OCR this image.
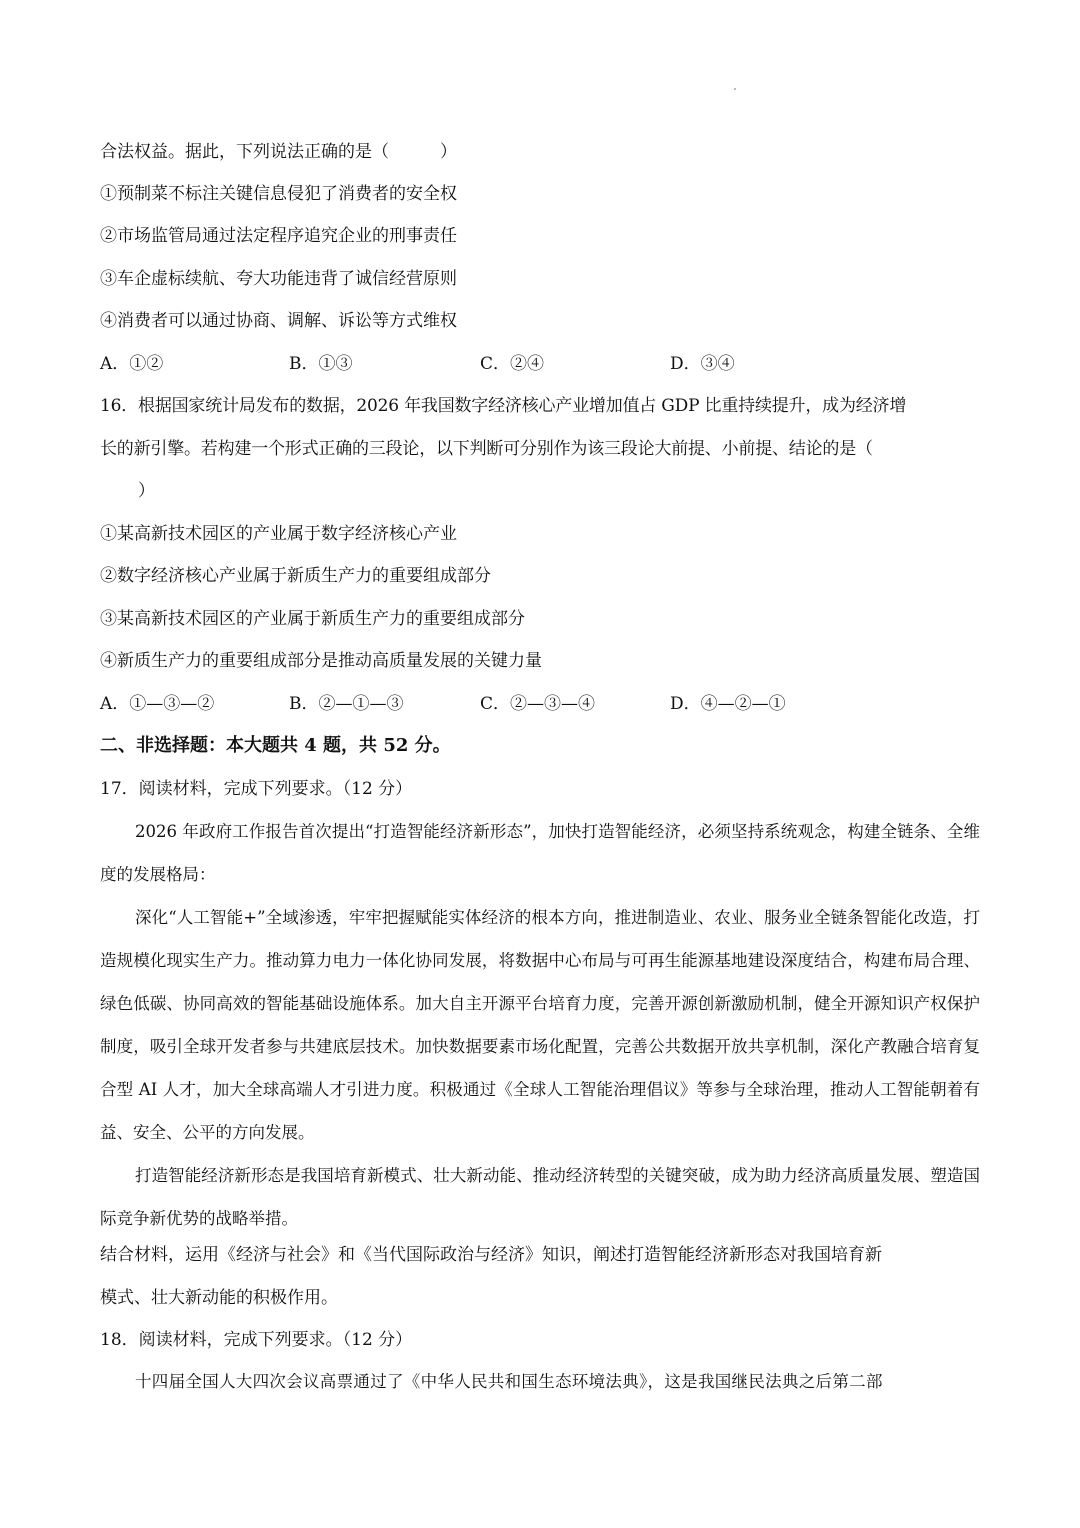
合法权益。据此，下列说法正确的是（　　　）
①预制菜不标注关键信息侵犯了消费者的安全权
②市场监管局通过法定程序追究企业的刑事责任
③车企虚标续航、夸大功能违背了诚信经营原则
④消费者可以通过协商、调解、诉讼等方式维权
A．①②	B．①③	C．②④	D．③④
16．根据国家统计局发布的数据，2026 年我国数字经济核心产业增加值占 GDP 比重持续提升，成为经济增
长的新引擎。若构建一个形式正确的三段论，以下判断可分别作为该三段论大前提、小前提、结论的是（
）
①某高新技术园区的产业属于数字经济核心产业
②数字经济核心产业属于新质生产力的重要组成部分
③某高新技术园区的产业属于新质生产力的重要组成部分
④新质生产力的重要组成部分是推动高质量发展的关键力量
A．①—③—②	B．②—①—③	C．②—③—④	D．④—②—①
二、非选择题：本大题共 4 题，共 52 分。
17．阅读材料，完成下列要求。（12 分）

2026 年政府工作报告首次提出“打造智能经济新形态”，加快打造智能经济，必须坚持系统观念，构建全链条、全维度的发展格局：

深化“人工智能+”全域渗透，牢牢把握赋能实体经济的根本方向，推进制造业、农业、服务业全链条智能化改造，打造规模化现实生产力。推动算力电力一体化协同发展，将数据中心布局与可再生能源基地建设深度结合，构建布局合理、绿色低碳、协同高效的智能基础设施体系。加大自主开源平台培育力度，完善开源创新激励机制，健全开源知识产权保护制度，吸引全球开发者参与共建底层技术。加快数据要素市场化配置，完善公共数据开放共享机制，深化产教融合培育复合型 AI 人才，加大全球高端人才引进力度。积极通过《全球人工智能治理倡议》等参与全球治理，推动人工智能朝着有益、安全、公平的方向发展。

打造智能经济新形态是我国培育新模式、壮大新动能、推动经济转型的关键突破，成为助力经济高质量发展、塑造国际竞争新优势的战略举措。

结合材料，运用《经济与社会》和《当代国际政治与经济》知识，阐述打造智能经济新形态对我国培育新
模式、壮大新动能的积极作用。
18．阅读材料，完成下列要求。（12 分）
十四届全国人大四次会议高票通过了《中华人民共和国生态环境法典》，这是我国继民法典之后第二部
